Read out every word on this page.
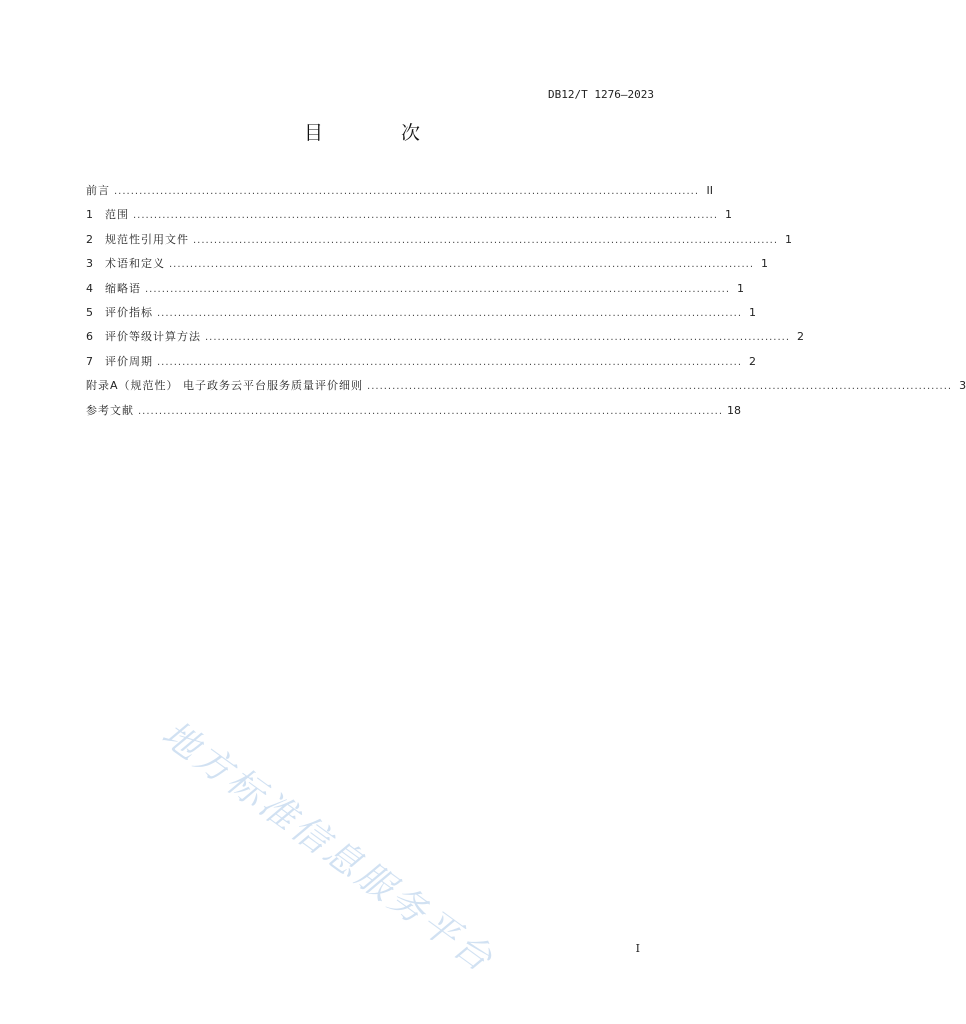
DB12/T 1276—2023
目 次
前言 ............................................................................................................................................ II
1	范围 ............................................................................................................................................ 1
2	规范性引用文件 ............................................................................................................................................ 1
3	术语和定义 ............................................................................................................................................ 1
4	缩略语 ............................................................................................................................................ 1
5	评价指标 ............................................................................................................................................ 1
6	评价等级计算方法 ............................................................................................................................................ 2
7	评价周期 ............................................................................................................................................ 2
附录A（规范性） 电子政务云平台服务质量评价细则 ............................................................................................................................................ 3
参考文献 ............................................................................................................................................ 18
地方标准信息服务平台	I
